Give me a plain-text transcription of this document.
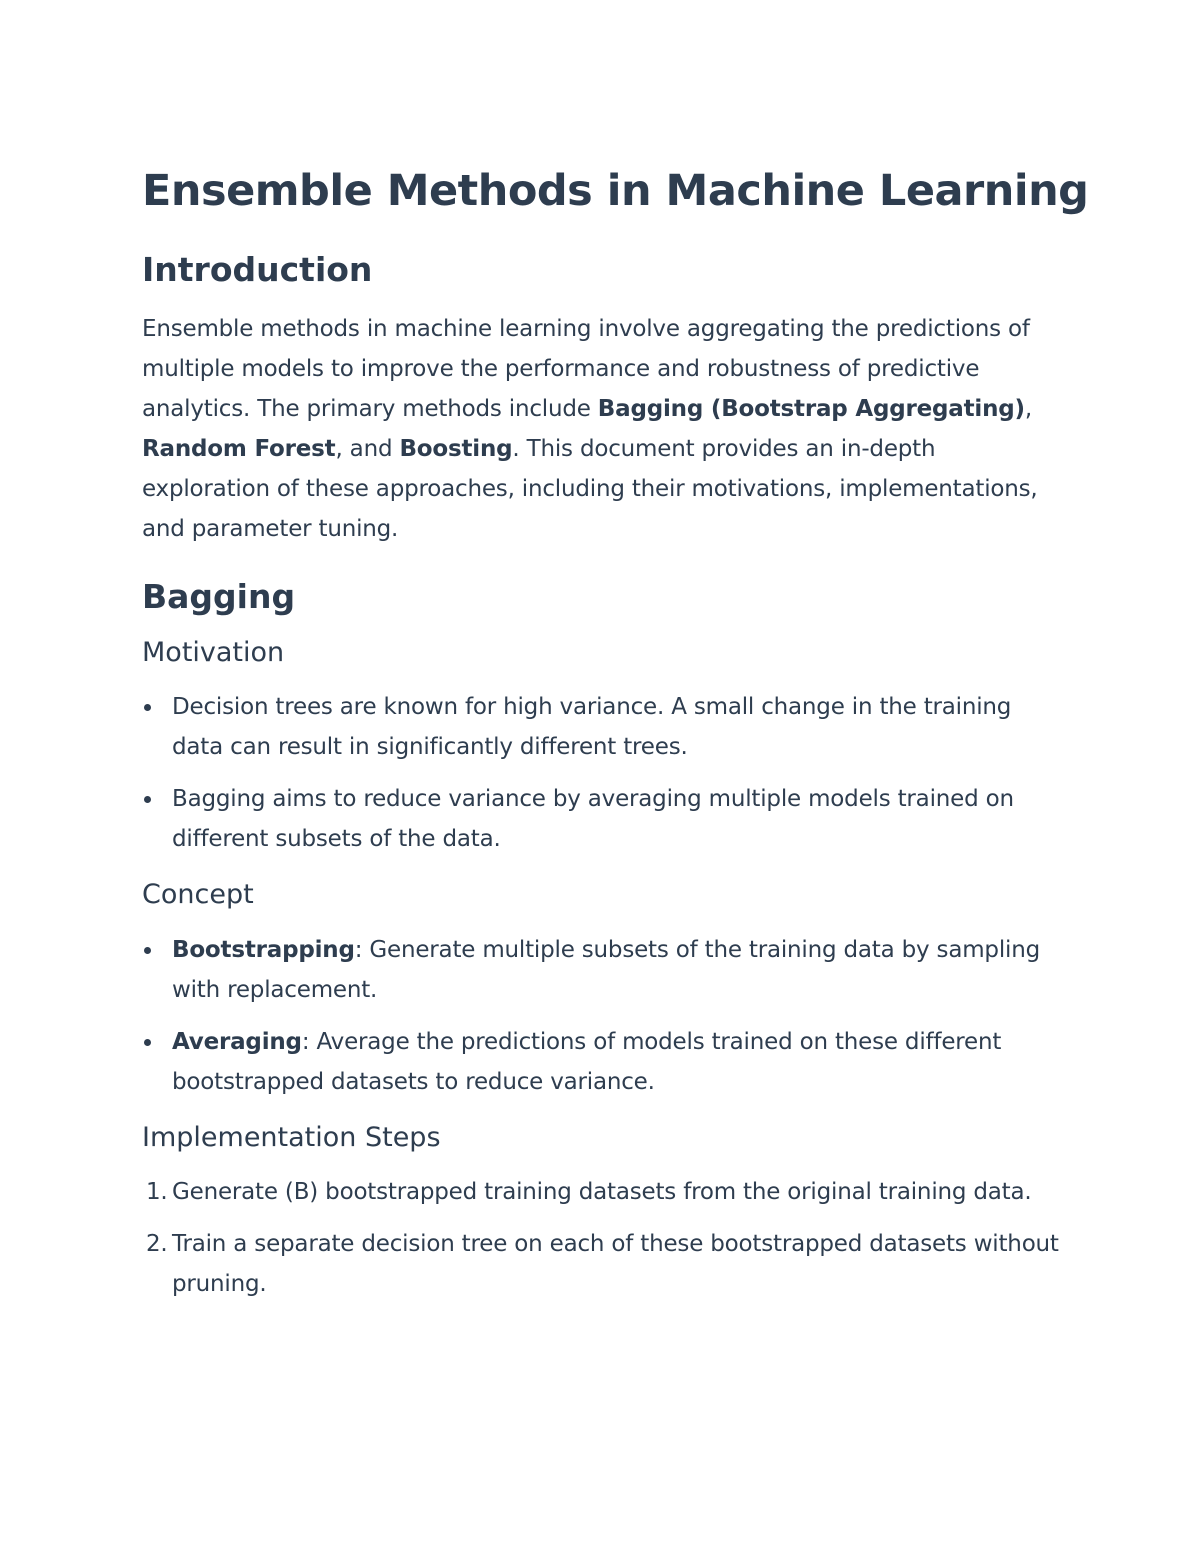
Ensemble Methods in Machine Learning
Introduction

Ensemble methods in machine learning involve aggregating the predictions of multiple models to improve the performance and robustness of predictive analytics. The primary methods include Bagging (Bootstrap Aggregating), Random Forest, and Boosting. This document provides an in-depth exploration of these approaches, including their motivations, implementations, and parameter tuning.

Bagging
Motivation
Decision trees are known for high variance. A small change in the training data can result in significantly different trees.
Bagging aims to reduce variance by averaging multiple models trained on different subsets of the data.
Concept
Bootstrapping: Generate multiple subsets of the training data by sampling with replacement.
Averaging: Average the predictions of models trained on these different bootstrapped datasets to reduce variance.
Implementation Steps
1. Generate (B) bootstrapped training datasets from the original training data.
2. Train a separate decision tree on each of these bootstrapped datasets without pruning.
